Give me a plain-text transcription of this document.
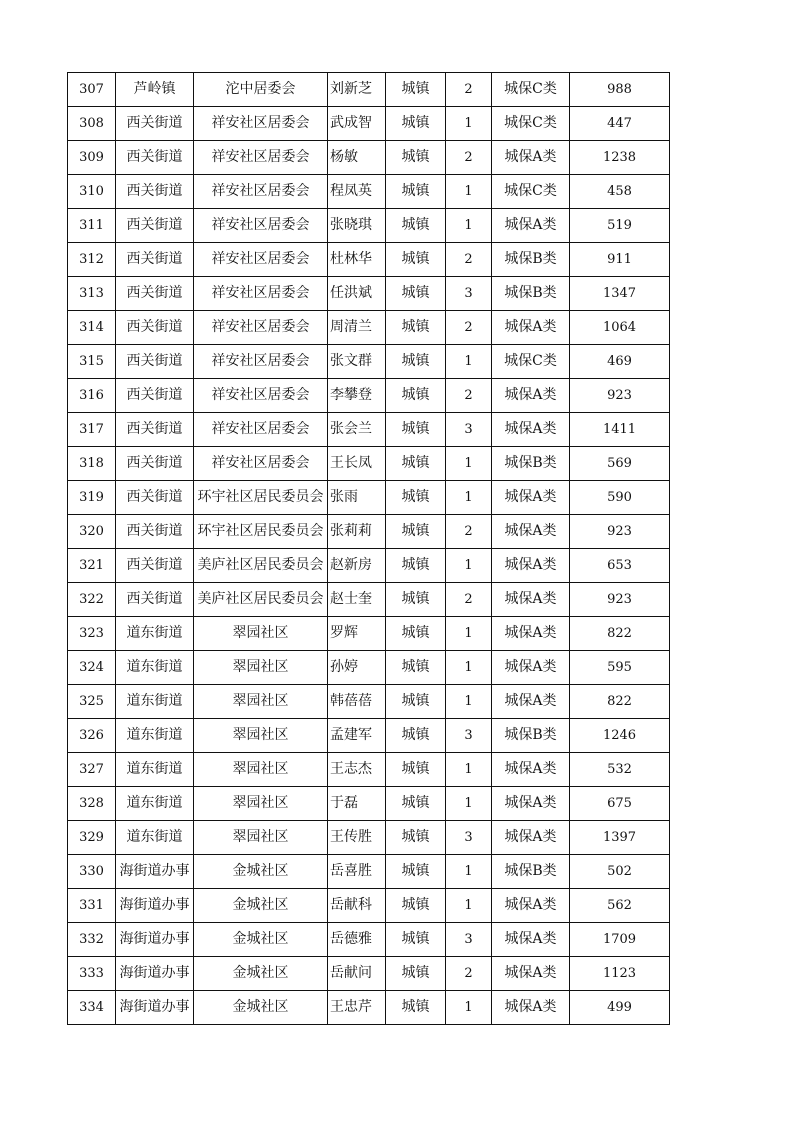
307	芦岭镇	沱中居委会	刘新芝	城镇	2	城保C类	988
308	西关街道	祥安社区居委会	武成智	城镇	1	城保C类	447
309	西关街道	祥安社区居委会	杨敏	城镇	2	城保A类	1238
310	西关街道	祥安社区居委会	程凤英	城镇	1	城保C类	458
311	西关街道	祥安社区居委会	张晓琪	城镇	1	城保A类	519
312	西关街道	祥安社区居委会	杜林华	城镇	2	城保B类	911
313	西关街道	祥安社区居委会	任洪斌	城镇	3	城保B类	1347
314	西关街道	祥安社区居委会	周清兰	城镇	2	城保A类	1064
315	西关街道	祥安社区居委会	张文群	城镇	1	城保C类	469
316	西关街道	祥安社区居委会	李攀登	城镇	2	城保A类	923
317	西关街道	祥安社区居委会	张会兰	城镇	3	城保A类	1411
318	西关街道	祥安社区居委会	王长凤	城镇	1	城保B类	569
319	西关街道	环宇社区居民委员会	张雨	城镇	1	城保A类	590
320	西关街道	环宇社区居民委员会	张莉莉	城镇	2	城保A类	923
321	西关街道	美庐社区居民委员会	赵新房	城镇	1	城保A类	653
322	西关街道	美庐社区居民委员会	赵士奎	城镇	2	城保A类	923
323	道东街道	翠园社区	罗辉	城镇	1	城保A类	822
324	道东街道	翠园社区	孙婷	城镇	1	城保A类	595
325	道东街道	翠园社区	韩蓓蓓	城镇	1	城保A类	822
326	道东街道	翠园社区	孟建军	城镇	3	城保B类	1246
327	道东街道	翠园社区	王志杰	城镇	1	城保A类	532
328	道东街道	翠园社区	于磊	城镇	1	城保A类	675
329	道东街道	翠园社区	王传胜	城镇	3	城保A类	1397
330	海街道办事	金城社区	岳喜胜	城镇	1	城保B类	502
331	海街道办事	金城社区	岳献科	城镇	1	城保A类	562
332	海街道办事	金城社区	岳德雅	城镇	3	城保A类	1709
333	海街道办事	金城社区	岳献问	城镇	2	城保A类	1123
334	海街道办事	金城社区	王忠芹	城镇	1	城保A类	499
